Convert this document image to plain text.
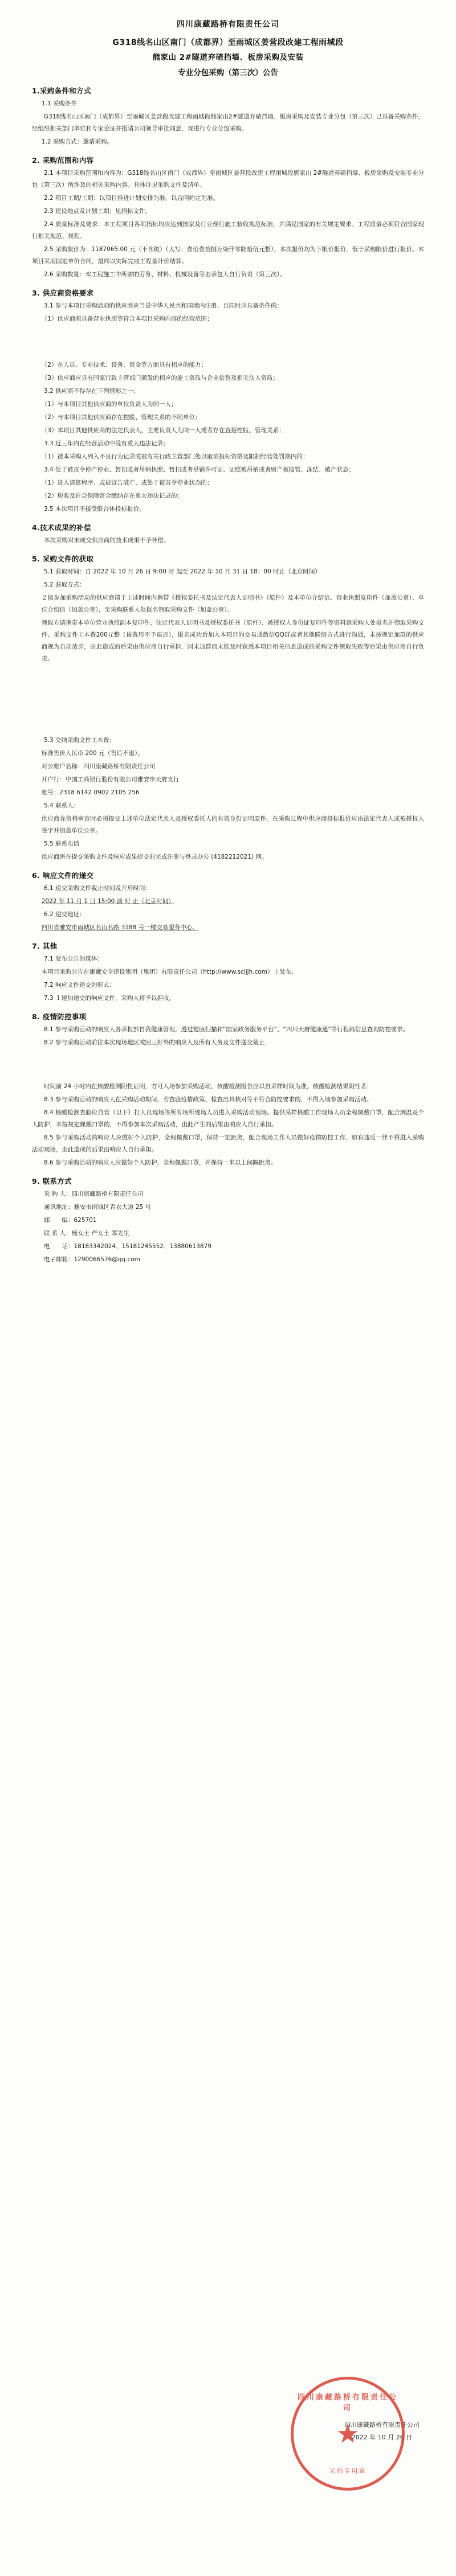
四川康藏路桥有限责任公司
G318线名山区南门（成都界）至雨城区姜营段改建工程雨城段
熊家山 2#隧道弃碴挡墙、板房采购及安装
专业分包采购（第三次）公告
1.采购条件和方式

1.1 采购条件

G318线名山区南门（成都界）至雨城区姜营段改建工程雨城段熊家山2#隧道弃碴挡墙、板房采购及安装专业分包（第三次）已具备采购条件，经组织相关部门单位和专家论证并报请公司领导审批同意，现进行专业分包采购。

1.2 采购方式：邀请采购。

2. 采购范围和内容

2.1 本项目采购范围和内容为：G318线名山区南门（成都界）至雨城区姜营段改建工程雨城段熊家山 2#隧道弃碴挡墙、板房采购及安装专业分包（第三次）所涉及的相关采购内容。具体详见采购文件及清单。

2.2 项目工期/工期：以项目推进计划安排为准，以合同约定为准。

2.3 建设地点及计划工期：见招标文件。

2.4 质量标准及要求：本工程项目各项指标均应达到国家及行业现行施工验收规范标准，并满足国家的有关规定要求。工程质量必须符合国家现行相关规范、规程。

2.5 采购限价为：1187065.00 元（不含税）（大写：壹佰壹拾捌万柒仟零陆拾伍元整），本次报价均为下限价报价，低于采购限价进行报价。本项目采用固定单价合同，最终以实际完成工程量计价结算。

2.6 采购数量：本工程施工中所需的劳务、材料、机械设备等由承包人自行负责（第三次）。

3. 供应商资格要求

3.1 参与本项目采购活动的供应商应当是中华人民共和国境内注册、且同时应具备条件的：

（1）供应商须具备营业执照等符合本项目采购内容的经营范围；

（2）在人员、专业技术、设备、资金等方面具有相应的能力；

（3）供应商应具有国家行政主管部门颁发的相应的施工资质与企业信誉及相关法人资质；

3.2 供应商不得存在下列情形之一：

（1）与本项目其他供应商的单位负责人为同一人；

（2）与本项目其他供应商存在控股、管理关系的不同单位；

（3）本项目其他供应商的法定代表人、主要负责人为同一人或者存在直接控股、管理关系；

3.3 近三年内在经营活动中没有重大违法记录；

（1）被本采购人列入不良行为记录或被有关行政主管部门处以取消投标资格及限制经营处罚期内的；

3.4 处于被责令停产停业、暂扣或者吊销执照、暂扣或者吊销许可证、证照被吊销或者财产被接管、冻结、破产状态；

（1）进入清算程序、或被宣告破产、或处于被责令停业状态的；

（2）税收及社会保障资金缴纳存在重大违法记录的；

3.5 本次项目不接受联合体投标报价。

4.技术成果的补偿

本次采购对未成交供应商的技术成果不予补偿。

5. 采购文件的获取

5.1 获取时间：自 2022 年 10 月 26 日 9:00 时 起至 2022 年 10 月 31 日 18：00 时止（北京时间）

5.2 获取方式：

２拟参加采购活动的供应商请于上述时间内携带《授权委托书及法定代表人证明书》（原件）及本单位介绍信、营业执照复印件（加盖公章）、单位介绍信（加盖公章），至采购联系人处报名领取采购文件（加盖公章）。

领取方请携带本单位营业执照副本复印件、法定代表人证明书及授权委托书（原件）、被授权人身份证复印件等资料到采购人处报名并领取采购文件。采购文件工本费200元整（该费用不予退还），报名成功后加入本项目的交易通微信QQ群或者其他联络方式进行沟通，未按规定加群的供应商视为自动放弃，由此造成的后果由供应商自行承担，因未加群而未能及时获悉本项目相关信息造成的采购文件领取失败等后果由供应商自行负责。

5.3 交纳采购文件工本费：

标准售价人民币 200 元（售后不退）。

对公账户名称：四川康藏路桥有限责任公司

开户行：中国工商银行股份有限公司雅安市天府支行

账号：2318 6142 0902 2105 256

5.4 联系人：

供应商在资格审查时必须提交上述单位法定代表人及授权委托人的有效身份证明原件，在采购过程中供应商投标报价应由法定代表人或被授权人签字并加盖单位公章。

5.5 联系电话

供应商需在提交采购文件及响应成果提交前完成注册与登录办公 (4182212021) 网。

6. 响应文件的递交

6.1 递交采购文件截止时间及开启时间：

2022 年 11 月 1 日 15:00 前 时 止（北京时间）

6.2 递交地址：

四川省雅安市雨城区名山名路 3188 号一楼交易服务中心。

7. 其他

7.1 发布公告的媒体：

本项目采购公告在康藏安全建设集团（集团）有限责任公司（http://www.scljjh.com）上发布。

7.2 响应文件递交的形式：

7.3 １递加递交的响应文件，采购人将予以拒收。

8. 疫情防控事项

8.1 参与采购活动的响应人各承担部自我健康管理，遵过健康扫描和“国家政务服务平台”、“四川天府健康通”等行程码信息查询防控要求。

8.2 参与采购活动前往本次现场地区或因三好外的响应人及所有人务及文件递交截止

时间前 24 小时内在核酸检测阴性证明，方可入场参加采购活动，核酸检测报告应以自采样时间为准，核酸检测结果阴性者；

8.3 参与采购活动的响应人在采购活动期间，若查验疫情政策、检查出具核对等不符合防控要求的，不得入场参加采购活动。

8.4 核酸检测查验应自营（以下）打人员现场等所有场所现场人员进入采购活动现场。提供采样核酸工作现场人员全程佩戴口罩，配合测温及个人防护，未按规定佩戴口罩的，不得参加本次采购活动，由此产生的后果由响应人自行承担。

8.5 参与采购活动的响应人应做好个人防护，全程佩戴口罩，保持一定距离，配合现场工作人员做好疫情防控工作，如有违反一律不得进入采购活动现场，由此造成的后果由响应人自行承担。

8.6 参与采购活动的响应人应做好个人防护，全程佩戴口罩，并保持一米以上间隔距离。

9. 联系方式

采 购 人：四川康藏路桥有限责任公司

通讯地址：雅安市雨城区青衣大道 25 号

邮　　编：625701

联 系 人：杨女士 严女士 郑先生

电　　话：18183342024、15181245552、13880613879

电子邮箱：1290066576@qq.com

四川康藏路桥有限责任公司
2022 年 10 月 26 日
四川康藏路桥有限责任公司
★
采购专用章
